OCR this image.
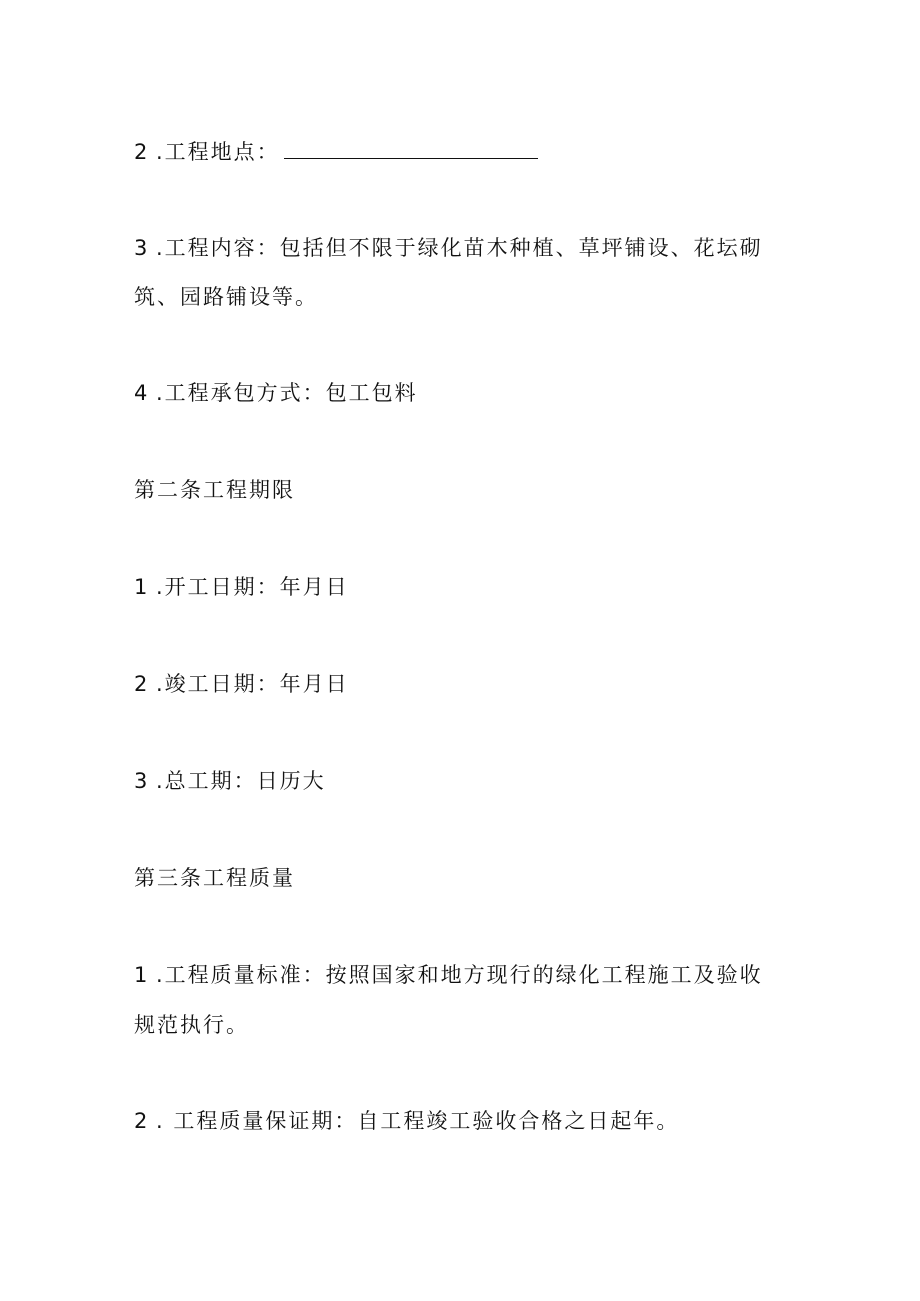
2 .工程地点：
3 .工程内容：包括但不限于绿化苗木种植、草坪铺设、花坛砌
筑、园路铺设等。
4 .工程承包方式：包工包料
第二条工程期限
1 .开工日期：年月日
2 .竣工日期：年月日
3 .总工期：日历大
第三条工程质量
1 .工程质量标准：按照国家和地方现行的绿化工程施工及验收
规范执行。
2 . 工程质量保证期：自工程竣工验收合格之日起年。
